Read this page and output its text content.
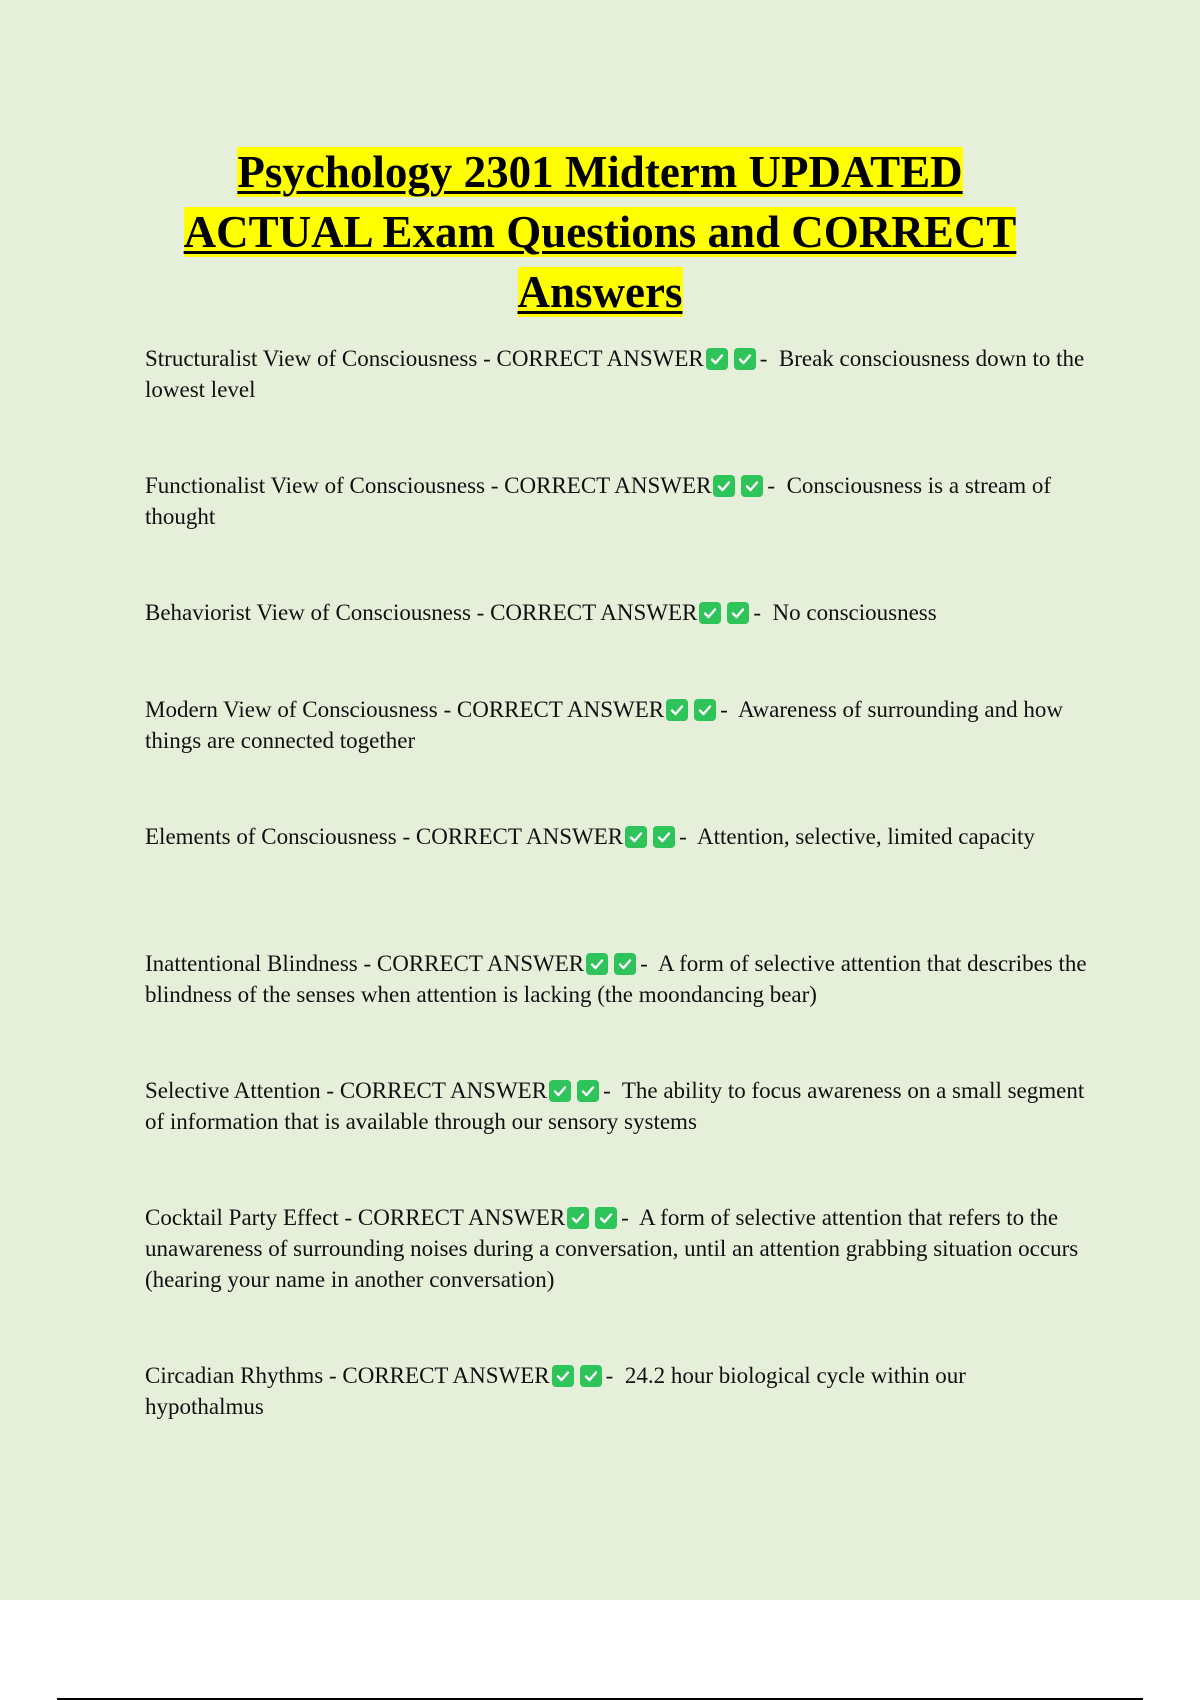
Psychology 2301 Midterm UPDATED
ACTUAL Exam Questions and CORRECT
Answers

Structuralist View of Consciousness - CORRECT ANSWER - Break consciousness down to the lowest level

Functionalist View of Consciousness - CORRECT ANSWER - Consciousness is a stream of thought

Behaviorist View of Consciousness - CORRECT ANSWER - No consciousness

Modern View of Consciousness - CORRECT ANSWER - Awareness of surrounding and how things are connected together

Elements of Consciousness - CORRECT ANSWER - Attention, selective, limited capacity

Inattentional Blindness - CORRECT ANSWER - A form of selective attention that describes the blindness of the senses when attention is lacking (the moondancing bear)

Selective Attention - CORRECT ANSWER - The ability to focus awareness on a small segment of information that is available through our sensory systems

Cocktail Party Effect - CORRECT ANSWER - A form of selective attention that refers to the unawareness of surrounding noises during a conversation, until an attention grabbing situation occurs (hearing your name in another conversation)

Circadian Rhythms - CORRECT ANSWER - 24.2 hour biological cycle within our hypothalmus
